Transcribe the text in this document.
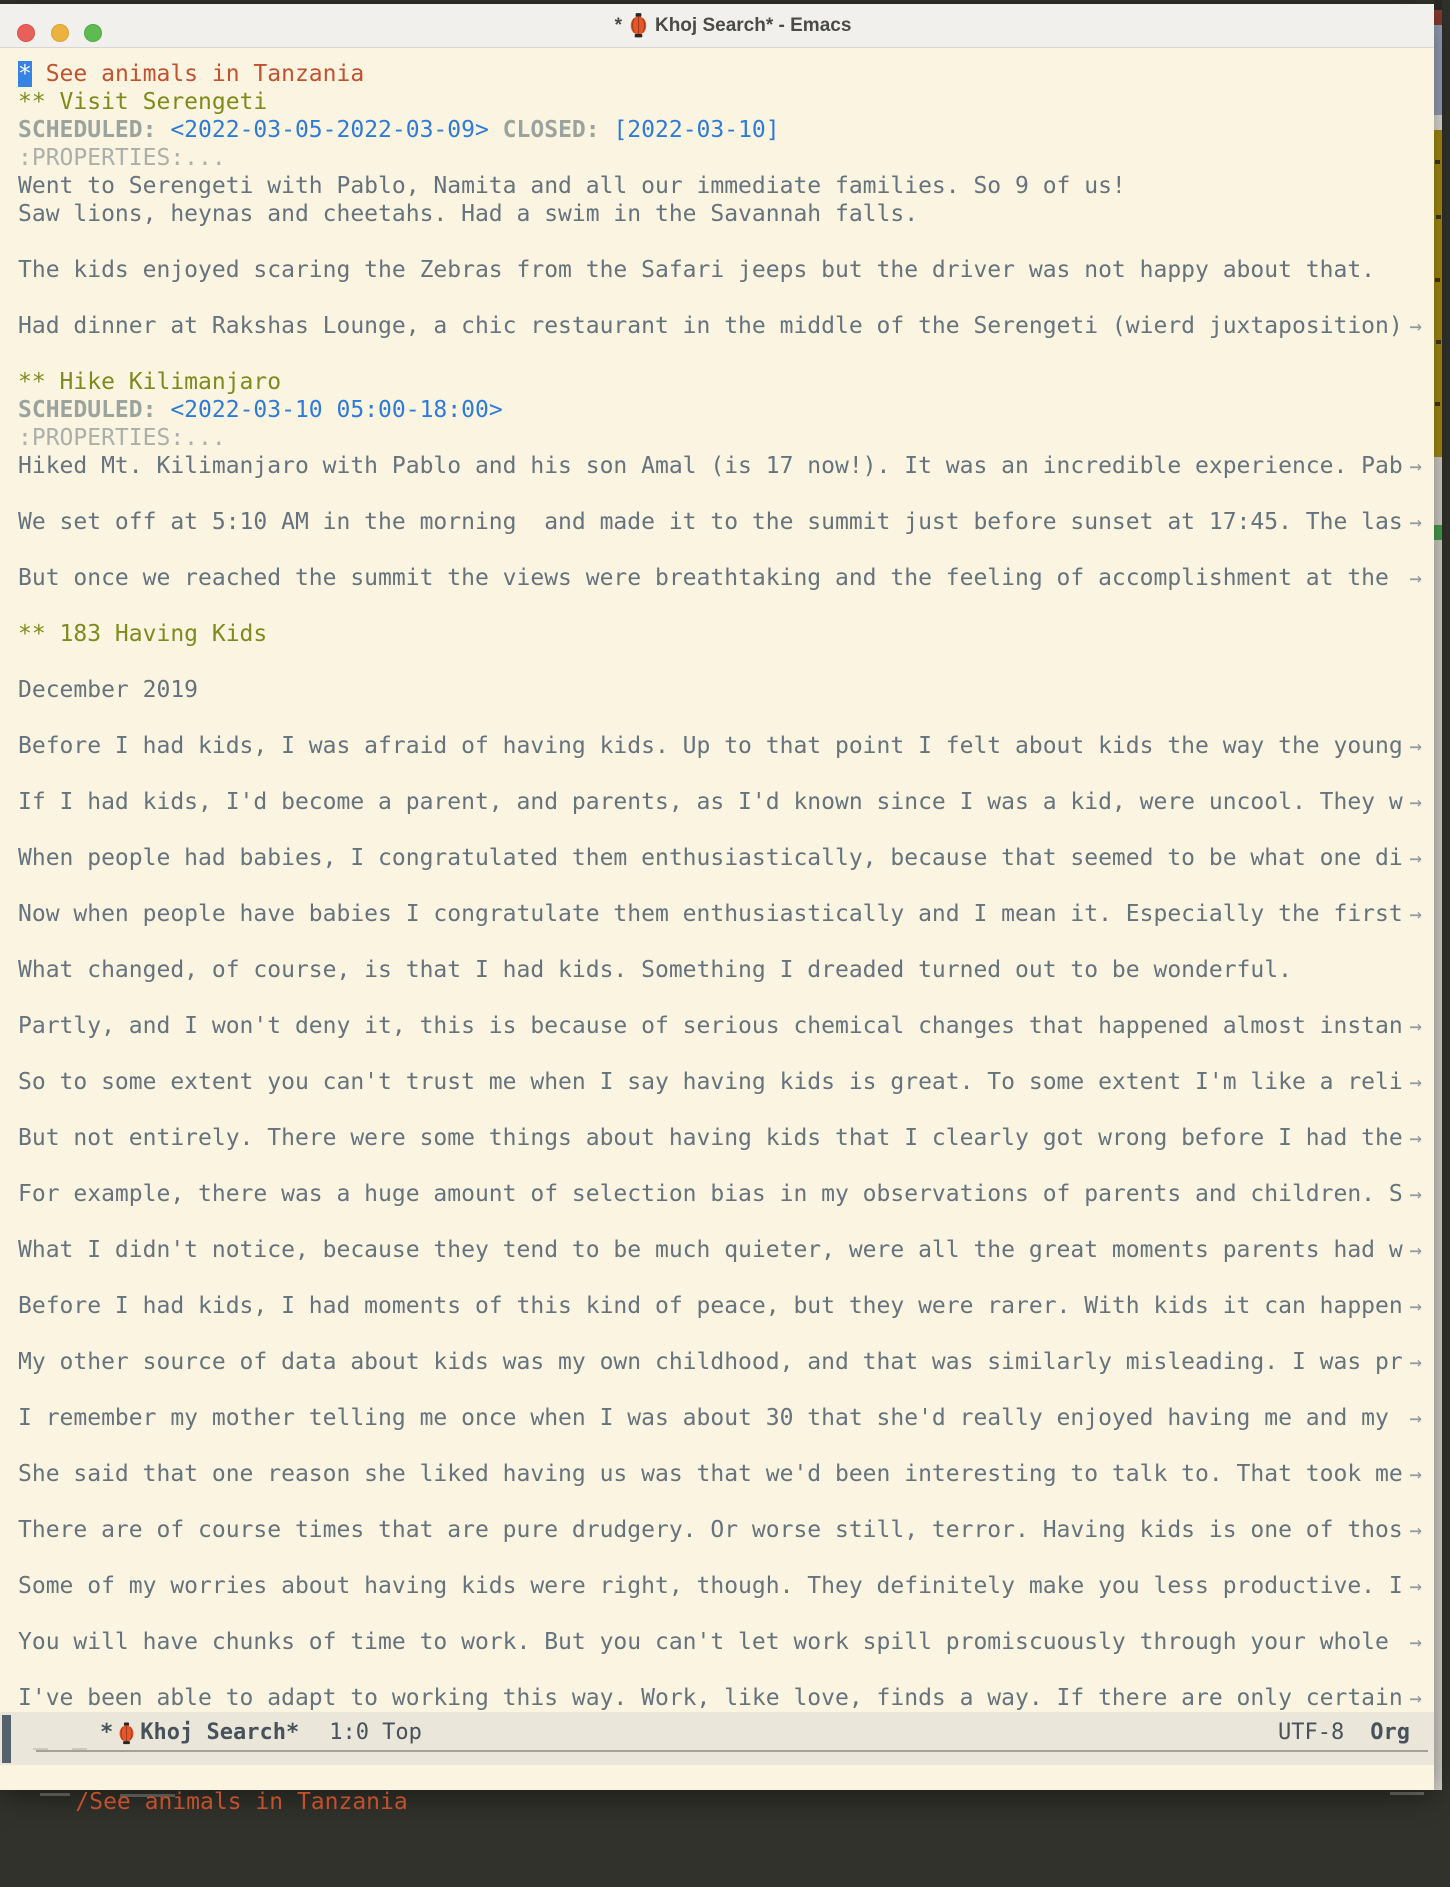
* Khoj Search* - Emacs
* See animals in Tanzania
** Visit Serengeti
SCHEDULED: <2022-03-05-2022-03-09> CLOSED: [2022-03-10]
:PROPERTIES:...
Went to Serengeti with Pablo, Namita and all our immediate families. So 9 of us!
Saw lions, heynas and cheetahs. Had a swim in the Savannah falls.
The kids enjoyed scaring the Zebras from the Safari jeeps but the driver was not happy about that.
Had dinner at Rakshas Lounge, a chic restaurant in the middle of the Serengeti (wierd juxtaposition) →
** Hike Kilimanjaro
SCHEDULED: <2022-03-10 05:00-18:00>
:PROPERTIES:...
Hiked Mt. Kilimanjaro with Pablo and his son Amal (is 17 now!). It was an incredible experience. Pab →
We set off at 5:10 AM in the morning  and made it to the summit just before sunset at 17:45. The las →
But once we reached the summit the views were breathtaking and the feeling of accomplishment at the →
** 183 Having Kids
December 2019
Before I had kids, I was afraid of having kids. Up to that point I felt about kids the way the young →
If I had kids, I'd become a parent, and parents, as I'd known since I was a kid, were uncool. They w →
When people had babies, I congratulated them enthusiastically, because that seemed to be what one di →
Now when people have babies I congratulate them enthusiastically and I mean it. Especially the first →
What changed, of course, is that I had kids. Something I dreaded turned out to be wonderful.
Partly, and I won't deny it, this is because of serious chemical changes that happened almost instan →
So to some extent you can't trust me when I say having kids is great. To some extent I'm like a reli →
But not entirely. There were some things about having kids that I clearly got wrong before I had the →
For example, there was a huge amount of selection bias in my observations of parents and children. S →
What I didn't notice, because they tend to be much quieter, were all the great moments parents had w →
Before I had kids, I had moments of this kind of peace, but they were rarer. With kids it can happen →
My other source of data about kids was my own childhood, and that was similarly misleading. I was pr →
I remember my mother telling me once when I was about 30 that she'd really enjoyed having me and my →
She said that one reason she liked having us was that we'd been interesting to talk to. That took me →
There are of course times that are pure drudgery. Or worse still, terror. Having kids is one of thos →
Some of my worries about having kids were right, though. They definitely make you less productive. I →
You will have chunks of time to work. But you can't let work spill promiscuously through your whole →
I've been able to adapt to working this way. Work, like love, finds a way. If there are only certain →

* Khoj Search* 1:0 Top	UTF-8 Org

/See animals in Tanzania
